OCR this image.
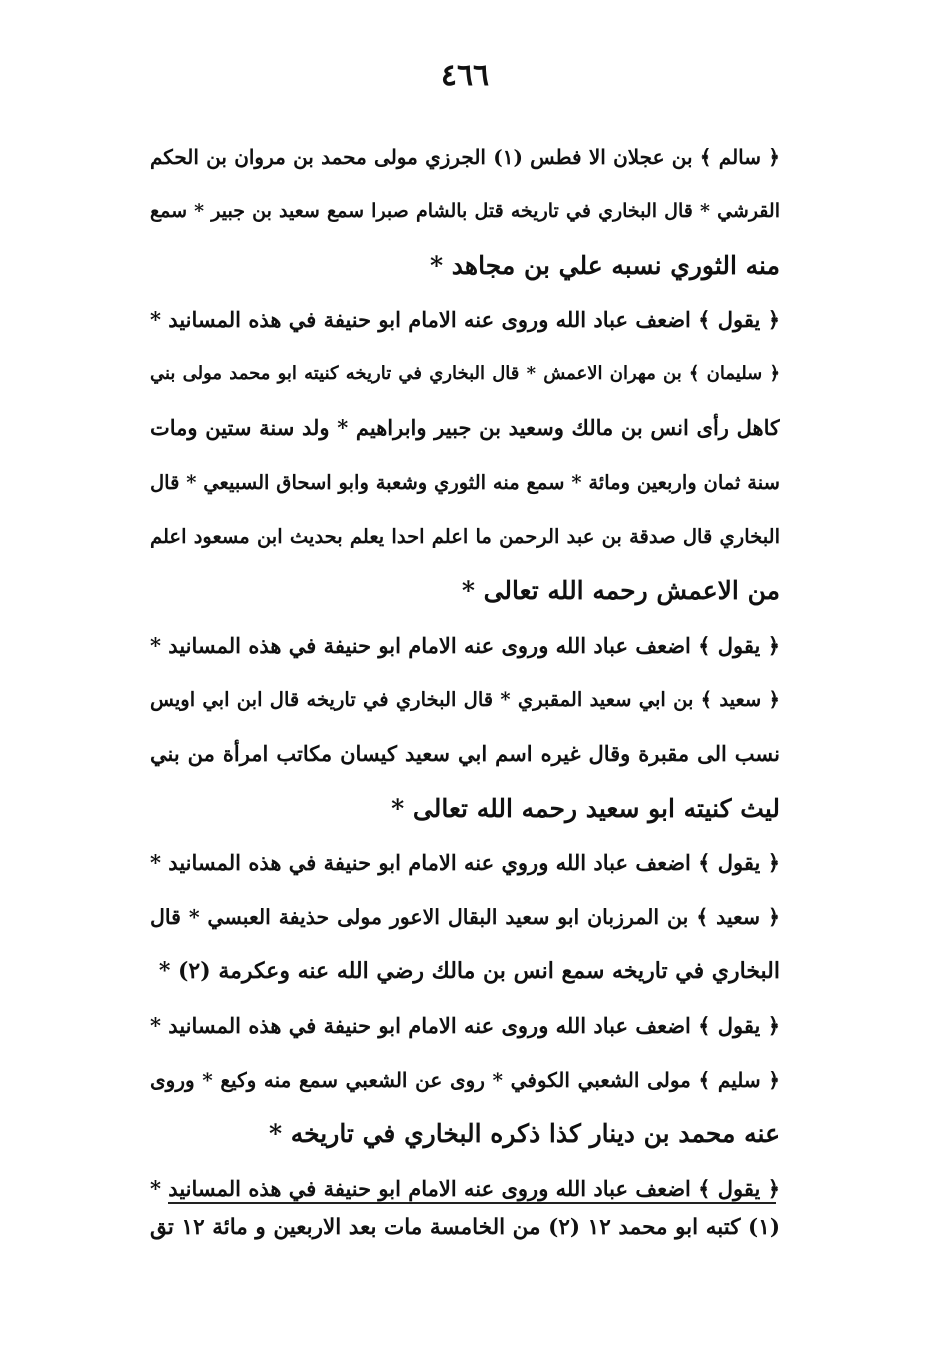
٤٦٦
﴿ سالم ﴾ بن عجلان الا فطس (١) الجرزي مولى محمد بن مروان بن الحكم
القرشي * قال البخاري في تاريخه قتل بالشام صبرا سمع سعيد بن جبير * سمع
منه الثوري نسبه علي بن مجاهد *
﴿ يقول ﴾ اضعف عباد الله وروى عنه الامام ابو حنيفة في هذه المسانيد *
﴿ سليمان ﴾ بن مهران الاعمش * قال البخاري في تاريخه كنيته ابو محمد مولى بني
كاهل رأى انس بن مالك وسعيد بن جبير وابراهيم * ولد سنة ستين ومات
سنة ثمان واربعين ومائة * سمع منه الثوري وشعبة وابو اسحاق السبيعي * قال
البخاري قال صدقة بن عبد الرحمن ما اعلم احدا يعلم بحديث ابن مسعود اعلم
من الاعمش رحمه الله تعالى *
﴿ يقول ﴾ اضعف عباد الله وروى عنه الامام ابو حنيفة في هذه المسانيد *
﴿ سعيد ﴾ بن ابي سعيد المقبري * قال البخاري في تاريخه قال ابن ابي اويس
نسب الى مقبرة وقال غيره اسم ابي سعيد كيسان مكاتب امرأة من بني
ليث كنيته ابو سعيد رحمه الله تعالى *
﴿ يقول ﴾ اضعف عباد الله وروي عنه الامام ابو حنيفة في هذه المسانيد *
﴿ سعيد ﴾ بن المرزبان ابو سعيد البقال الاعور مولى حذيفة العبسي * قال
البخاري في تاريخه سمع انس بن مالك رضي الله عنه وعكرمة (٢) *
﴿ يقول ﴾ اضعف عباد الله وروى عنه الامام ابو حنيفة في هذه المسانيد *
﴿ سليم ﴾ مولى الشعبي الكوفي * روى عن الشعبي سمع منه وكيع * وروى
عنه محمد بن دينار كذا ذكره البخاري في تاريخه *
﴿ يقول ﴾ اضعف عباد الله وروى عنه الامام ابو حنيفة في هذه المسانيد *
(١) كتبه ابو محمد ١٢ (٢) من الخامسة مات بعد الاربعين و مائة ١٢ تق
